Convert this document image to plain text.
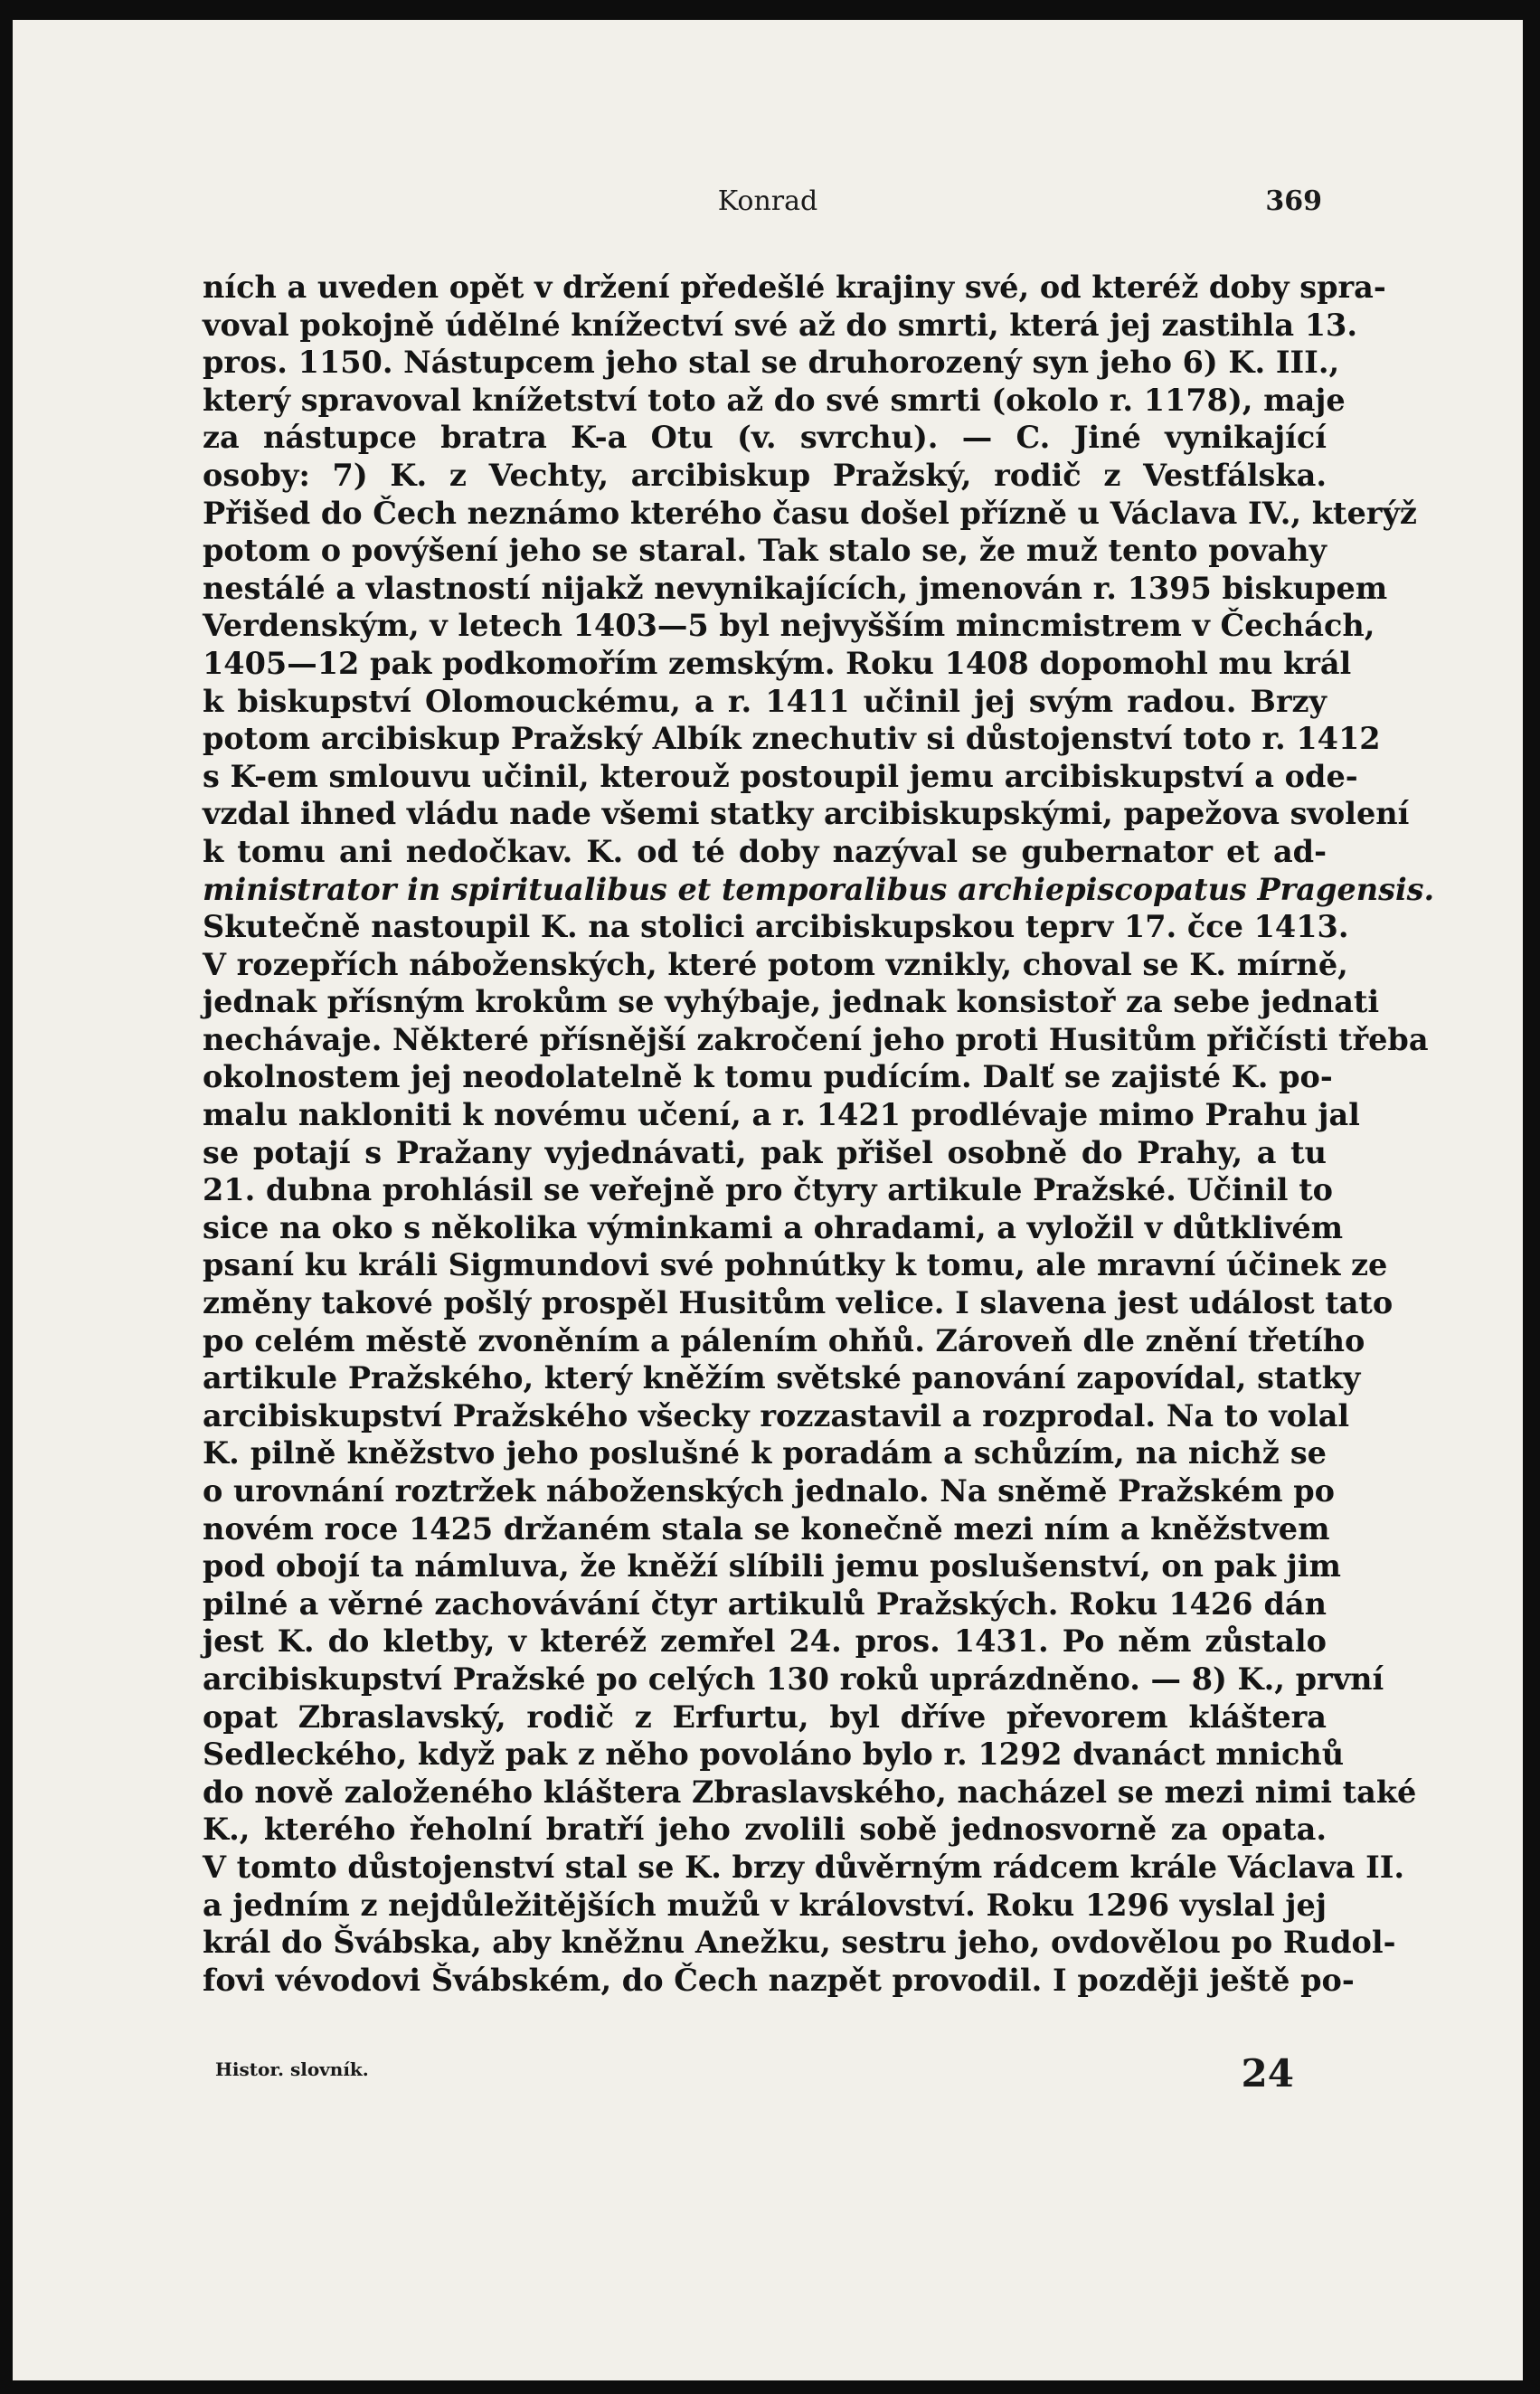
Konrad	369
ních a uveden opět v držení předešlé krajiny své, od kteréž doby spra-
voval pokojně údělné knížectví své až do smrti, která jej zastihla 13.
pros. 1150. Nástupcem jeho stal se druhorozený syn jeho 6) K. III.,
který spravoval knížetství toto až do své smrti (okolo r. 1178), maje
za nástupce bratra K-a Otu (v. svrchu). — C. Jiné vynikající
osoby: 7) K. z Vechty, arcibiskup Pražský, rodič z Vestfálska.
Přišed do Čech neznámo kterého času došel přízně u Václava IV., kterýž
potom o povýšení jeho se staral. Tak stalo se, že muž tento povahy
nestálé a vlastností nijakž nevynikajících, jmenován r. 1395 biskupem
Verdenským, v letech 1403—5 byl nejvyšším mincmistrem v Čechách,
1405—12 pak podkomořím zemským. Roku 1408 dopomohl mu král
k biskupství Olomouckému, a r. 1411 učinil jej svým radou. Brzy
potom arcibiskup Pražský Albík znechutiv si důstojenství toto r. 1412
s K-em smlouvu učinil, kterouž postoupil jemu arcibiskupství a ode-
vzdal ihned vládu nade všemi statky arcibiskupskými, papežova svolení
k tomu ani nedočkav. K. od té doby nazýval se gubernator et ad-
ministrator in spiritualibus et temporalibus archiepiscopatus Pragensis.
Skutečně nastoupil K. na stolici arcibiskupskou teprv 17. čce 1413.
V rozepřích náboženských, které potom vznikly, choval se K. mírně,
jednak přísným krokům se vyhýbaje, jednak konsistoř za sebe jednati
nechávaje. Některé přísnější zakročení jeho proti Husitům přičísti třeba
okolnostem jej neodolatelně k tomu pudícím. Dalť se zajisté K. po-
malu nakloniti k novému učení, a r. 1421 prodlévaje mimo Prahu jal
se potají s Pražany vyjednávati, pak přišel osobně do Prahy, a tu
21. dubna prohlásil se veřejně pro čtyry artikule Pražské. Učinil to
sice na oko s několika výminkami a ohradami, a vyložil v důtklivém
psaní ku králi Sigmundovi své pohnútky k tomu, ale mravní účinek ze
změny takové pošlý prospěl Husitům velice. I slavena jest událost tato
po celém městě zvoněním a pálením ohňů. Zároveň dle znění třetího
artikule Pražského, který kněžím světské panování zapovídal, statky
arcibiskupství Pražského všecky rozzastavil a rozprodal. Na to volal
K. pilně kněžstvo jeho poslušné k poradám a schůzím, na nichž se
o urovnání roztržek náboženských jednalo. Na sněmě Pražském po
novém roce 1425 držaném stala se konečně mezi ním a kněžstvem
pod obojí ta námluva, že kněží slíbili jemu poslušenství, on pak jim
pilné a věrné zachovávání čtyr artikulů Pražských. Roku 1426 dán
jest K. do kletby, v kteréž zemřel 24. pros. 1431. Po něm zůstalo
arcibiskupství Pražské po celých 130 roků uprázdněno. — 8) K., první
opat Zbraslavský, rodič z Erfurtu, byl dříve převorem kláštera
Sedleckého, když pak z něho povoláno bylo r. 1292 dvanáct mnichů
do nově založeného kláštera Zbraslavského, nacházel se mezi nimi také
K., kterého řeholní bratří jeho zvolili sobě jednosvorně za opata.
V tomto důstojenství stal se K. brzy důvěrným rádcem krále Václava II.
a jedním z nejdůležitějších mužů v království. Roku 1296 vyslal jej
král do Švábska, aby kněžnu Anežku, sestru jeho, ovdovělou po Rudol-
fovi vévodovi Švábském, do Čech nazpět provodil. I později ještě po-
Histor. slovník.	24
